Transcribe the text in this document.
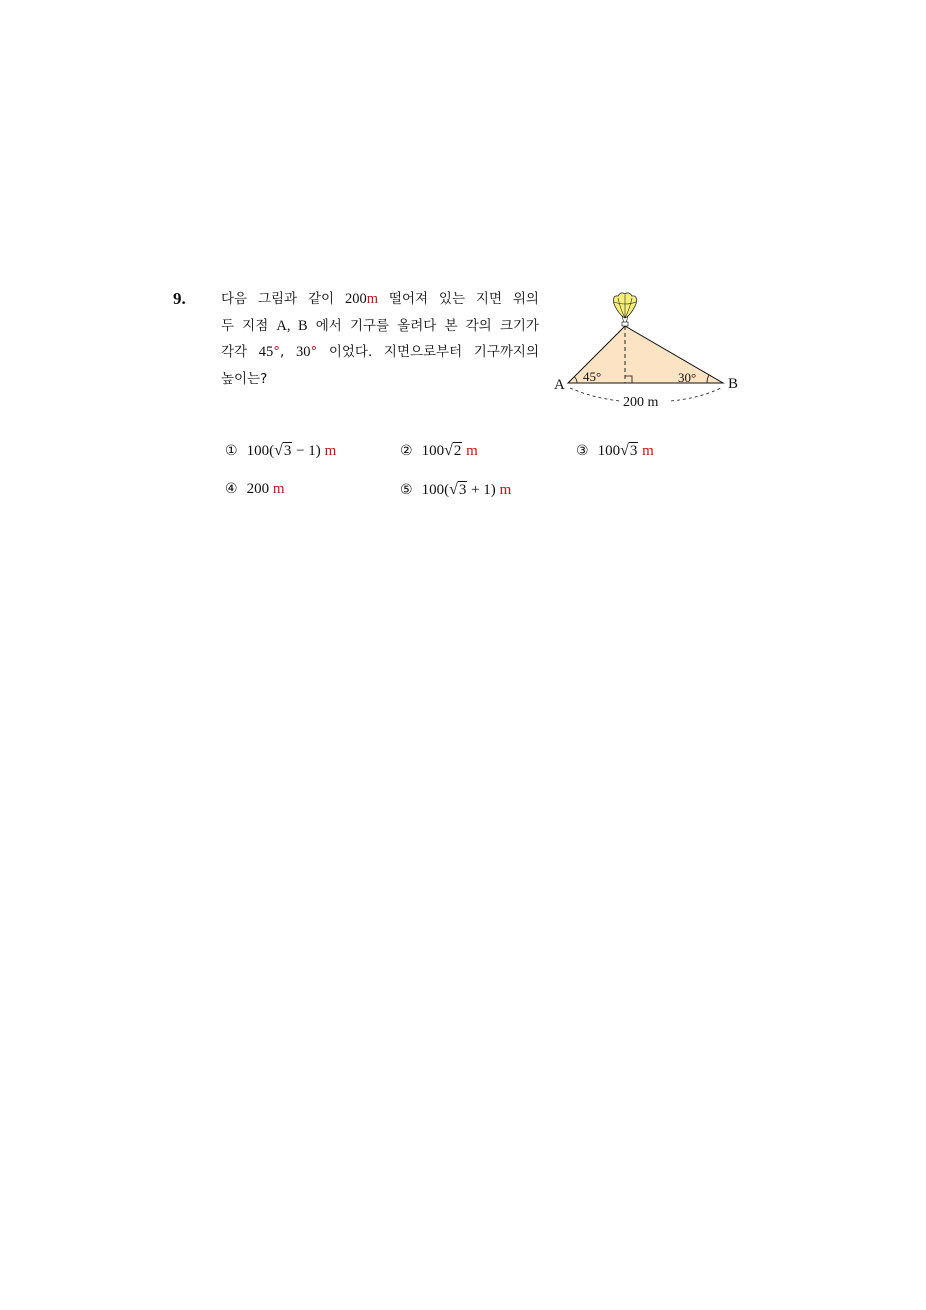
9.	다음 그림과 같이 200m 떨어져 있는 지면 위의
두 지점 A, B 에서 기구를 올려다 본 각의 크기가
각각 45°, 30° 이었다. 지면으로부터 기구까지의
높이는?	A	B
45°	30°
200 m
① 100(√3 − 1) m	② 100√2 m	③ 100√3 m
④ 200 m	⑤ 100(√3 + 1) m
